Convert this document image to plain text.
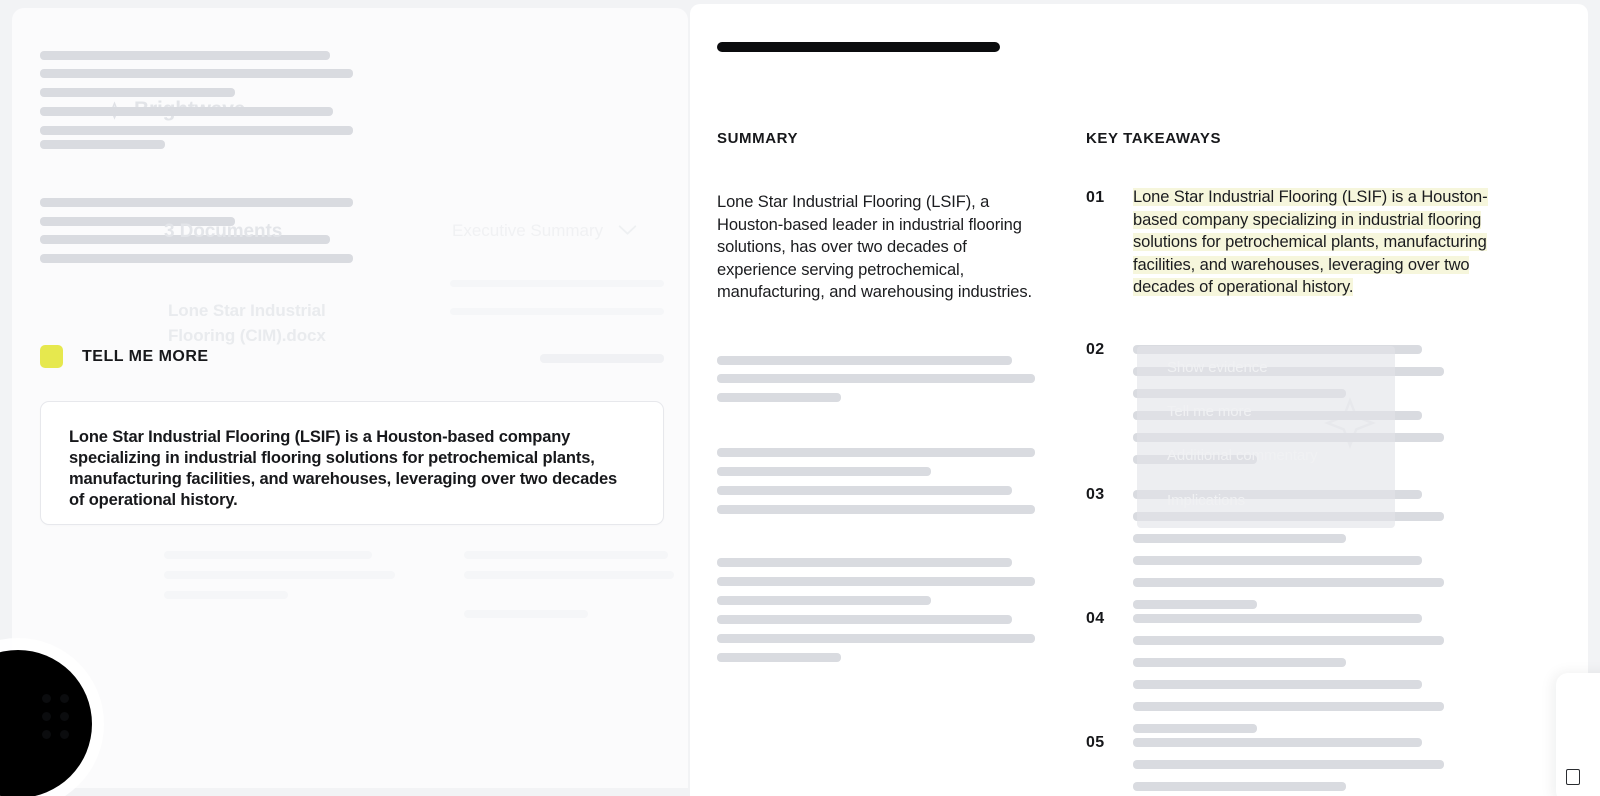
3 Documents
Lone Star Industrial Flooring (CIM).docx
Executive Summary
TELL ME MORE
Lone Star Industrial Flooring (LSIF) is a Houston-based company specializing in industrial flooring solutions for petrochemical plants, manufacturing facilities, and warehouses, leveraging over two decades of operational history.
SUMMARY
Lone Star Industrial Flooring (LSIF), a Houston-based leader in industrial flooring solutions, has over two decades of experience serving petrochemical, manufacturing, and warehousing industries.
KEY TAKEAWAYS
01 Lone Star Industrial Flooring (LSIF) is a Houston- based company specializing in industrial flooring solutions for petrochemical plants, manufacturing facilities, and warehouses, leveraging over two decades of operational history.
02
03
04
05
Show evidence
Tell me more
Additional commentary
Implications
